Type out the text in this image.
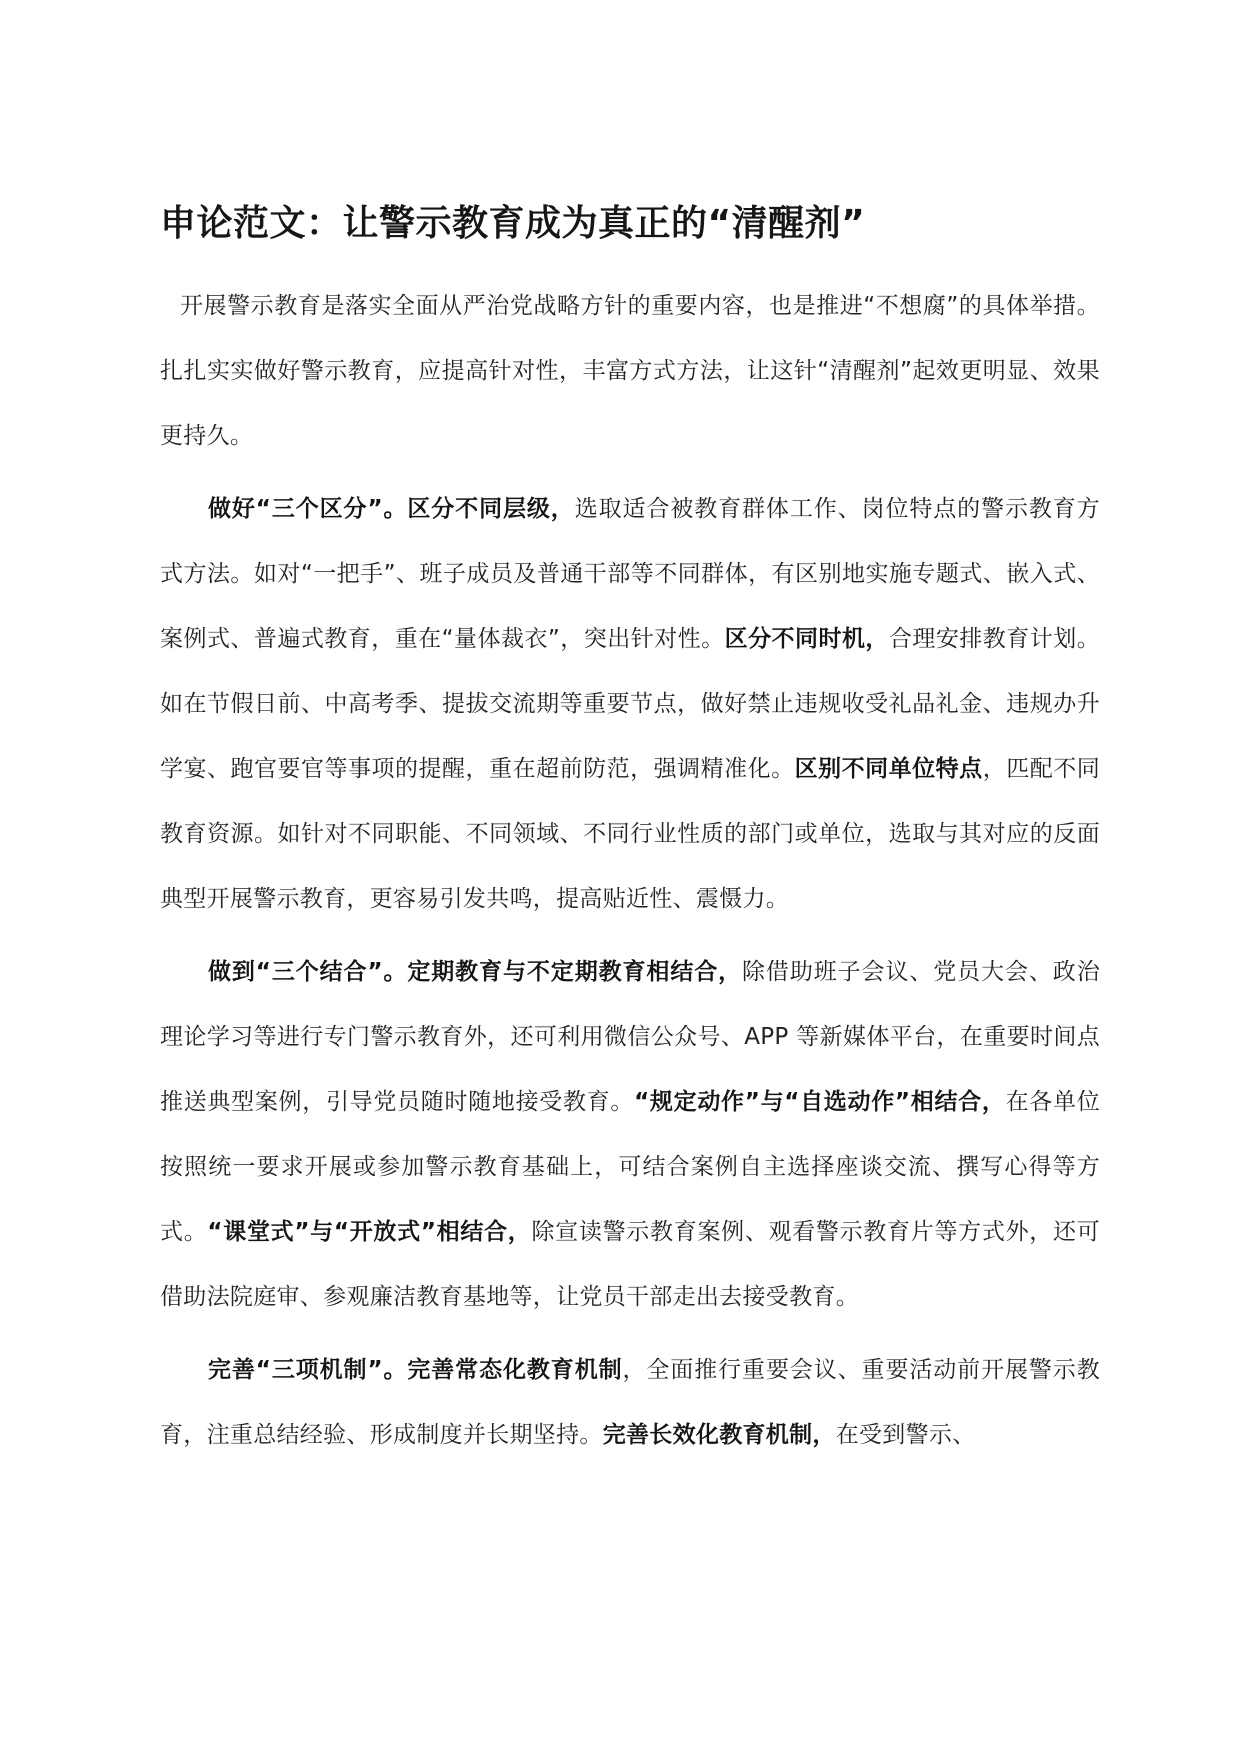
申论范文：让警示教育成为真正的“清醒剂”

开展警示教育是落实全面从严治党战略方针的重要内容，也是推进“不想腐”的具体举措。扎扎实实做好警示教育，应提高针对性，丰富方式方法，让这针“清醒剂”起效更明显、效果更持久。

做好“三个区分”。区分不同层级，选取适合被教育群体工作、岗位特点的警示教育方式方法。如对“一把手”、班子成员及普通干部等不同群体，有区别地实施专题式、嵌入式、案例式、普遍式教育，重在“量体裁衣”，突出针对性。区分不同时机，合理安排教育计划。如在节假日前、中高考季、提拔交流期等重要节点，做好禁止违规收受礼品礼金、违规办升学宴、跑官要官等事项的提醒，重在超前防范，强调精准化。区别不同单位特点，匹配不同教育资源。如针对不同职能、不同领域、不同行业性质的部门或单位，选取与其对应的反面典型开展警示教育，更容易引发共鸣，提高贴近性、震慑力。

做到“三个结合”。定期教育与不定期教育相结合，除借助班子会议、党员大会、政治理论学习等进行专门警示教育外，还可利用微信公众号、APP 等新媒体平台，在重要时间点推送典型案例，引导党员随时随地接受教育。“规定动作”与“自选动作”相结合，在各单位按照统一要求开展或参加警示教育基础上，可结合案例自主选择座谈交流、撰写心得等方式。“课堂式”与“开放式”相结合，除宣读警示教育案例、观看警示教育片等方式外，还可借助法院庭审、参观廉洁教育基地等，让党员干部走出去接受教育。

完善“三项机制”。完善常态化教育机制，全面推行重要会议、重要活动前开展警示教育，注重总结经验、形成制度并长期坚持。完善长效化教育机制，在受到警示、
